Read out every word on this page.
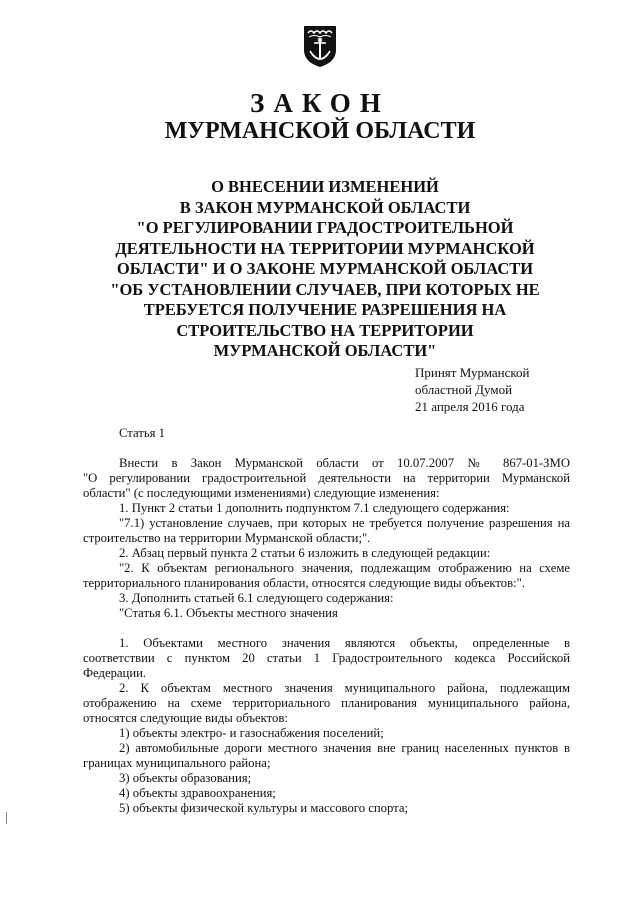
ЗАКОН
МУРМАНСКОЙ ОБЛАСТИ
О ВНЕСЕНИИ ИЗМЕНЕНИЙ
В ЗАКОН МУРМАНСКОЙ ОБЛАСТИ
"О РЕГУЛИРОВАНИИ ГРАДОСТРОИТЕЛЬНОЙ
ДЕЯТЕЛЬНОСТИ НА ТЕРРИТОРИИ МУРМАНСКОЙ
ОБЛАСТИ" И О ЗАКОНЕ МУРМАНСКОЙ ОБЛАСТИ
"ОБ УСТАНОВЛЕНИИ СЛУЧАЕВ, ПРИ КОТОРЫХ НЕ
ТРЕБУЕТСЯ ПОЛУЧЕНИЕ РАЗРЕШЕНИЯ НА
СТРОИТЕЛЬСТВО НА ТЕРРИТОРИИ
МУРМАНСКОЙ ОБЛАСТИ"
Принят Мурманской
областной Думой
21 апреля 2016 года
Статья 1

Внести в Закон Мурманской области от 10.07.2007 № 867-01-ЗМО

"О регулировании градостроительной деятельности на территории Мурманской

области" (с последующими изменениями) следующие изменения:

1. Пункт 2 статьи 1 дополнить подпунктом 7.1 следующего содержания:

"7.1) установление случаев, при которых не требуется получение разрешения на

строительство на территории Мурманской области;".

2. Абзац первый пункта 2 статьи 6 изложить в следующей редакции:

"2. К объектам регионального значения, подлежащим отображению на схеме

территориального планирования области, относятся следующие виды объектов:".

3. Дополнить статьей 6.1 следующего содержания:

"Статья 6.1. Объекты местного значения

1. Объектами местного значения являются объекты, определенные в

соответствии с пунктом 20 статьи 1 Градостроительного кодекса Российской

Федерации.

2. К объектам местного значения муниципального района, подлежащим

отображению на схеме территориального планирования муниципального района,

относятся следующие виды объектов:

1) объекты электро- и газоснабжения поселений;

2) автомобильные дороги местного значения вне границ населенных пунктов в

границах муниципального района;

3) объекты образования;

4) объекты здравоохранения;

5) объекты физической культуры и массового спорта;
